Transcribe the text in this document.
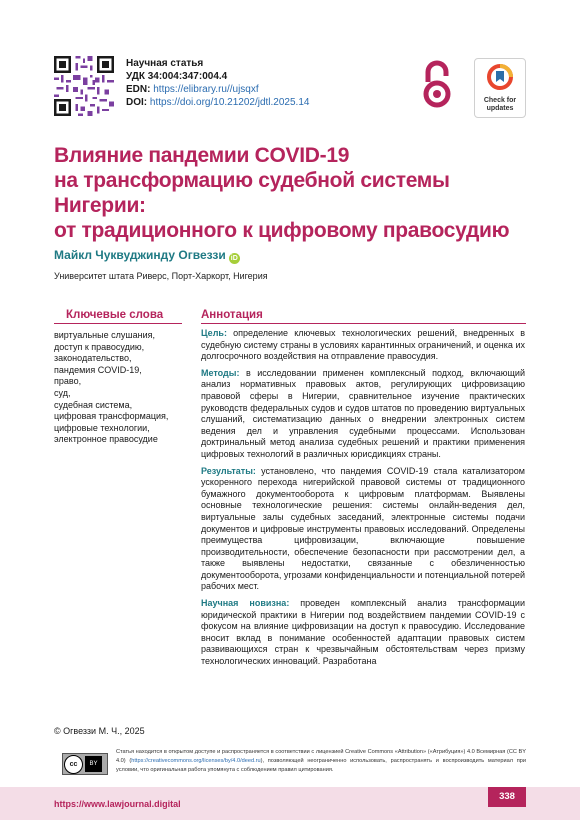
Научная статья
УДК 34:004:347:004.4
EDN: https://elibrary.ru//ujsqxf
DOI: https://doi.org/10.21202/jdtl.2025.14	Check for
updates
Влияние пандемии COVID-19
на трансформацию судебной системы Нигерии:
от традиционного к цифровому правосудию
Майкл Чуквуджинду Огвеззи iD
Университет штата Риверс, Порт-Харкорт, Нигерия
Ключевые слова
виртуальные слушания,
доступ к правосудию,
законодательство,
пандемия COVID-19,
право,
суд,
судебная система,
цифровая трансформация,
цифровые технологии,
электронное правосудие
Аннотация

Цель: определение ключевых технологических решений, внедренных в судебную систему страны в условиях карантинных ограничений, и оценка их долгосрочного воздействия на отправление правосудия.

Методы: в исследовании применен комплексный подход, включающий анализ нормативных правовых актов, регулирующих цифровизацию правовой сферы в Нигерии, сравнительное изучение практических руководств федеральных судов и судов штатов по проведению виртуальных слушаний, систематизацию данных о внедрении электронных систем ведения дел и управления судебными процессами. Использован доктринальный метод анализа судебных решений и практики применения цифровых технологий в различных юрисдикциях страны.

Результаты: установлено, что пандемия COVID-19 стала катализатором ускоренного перехода нигерийской правовой системы от традиционного бумажного документооборота к цифровым платформам. Выявлены основные технологические решения: системы онлайн-ведения дел, виртуальные залы судебных заседаний, электронные системы подачи документов и цифровые инструменты правовых исследований. Определены преимущества цифровизации, включающие повышение производительности, обеспечение безопасности при рассмотрении дел, а также выявлены недостатки, связанные с обезличенностью документооборота, угрозами конфиденциальности и потенциальной потерей рабочих мест.

Научная новизна: проведен комплексный анализ трансформации юридической практики в Нигерии под воздействием пандемии COVID-19 с фокусом на влияние цифровизации на доступ к правосудию. Исследование вносит вклад в понимание особенностей адаптации правовых систем развивающихся стран к чрезвычайным обстоятельствам через призму технологических инноваций. Разработана

© Огвеззи М. Ч., 2025
cc	BY
Статья находится в открытом доступе и распространяется в соответствии с лицензией Creative Commons «Attribution» («Атрибуция») 4.0 Всемирная (CC BY 4.0) (https://creativecommons.org/licenses/by/4.0/deed.ru), позволяющей неограниченно использовать, распространять и воспроизводить материал при условии, что оригинальная работа упомянута с соблюдением правил цитирования.
https://www.lawjournal.digital
338
